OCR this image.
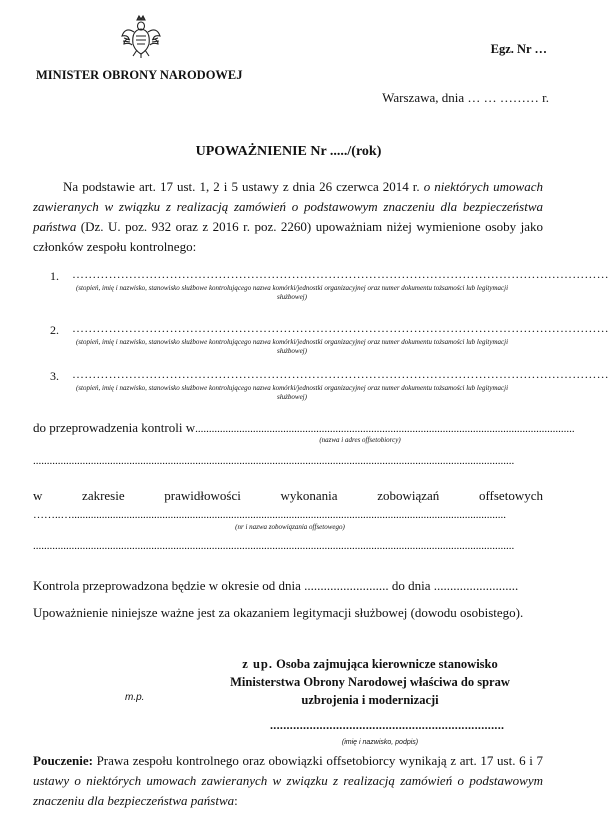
Egz. Nr …
MINISTER OBRONY NARODOWEJ
Warszawa, dnia … … ……… r.
UPOWAŻNIENIE Nr ...../(rok)
Na podstawie art. 17 ust. 1, 2 i 5 ustawy z dnia 26 czerwca 2014 r. o niektórych umowach zawieranych w związku z realizacją zamówień o podstawowym znaczeniu dla bezpieczeństwa państwa (Dz. U. poz. 932 oraz z 2016 r. poz. 2260) upoważniam niżej wymienione osoby jako członków zespołu kontrolnego:
1. ……………………………………………………………………………………………………………………
(stopień, imię i nazwisko, stanowisko służbowe kontrolującego nazwa komórki/jednostki organizacyjnej oraz numer dokumentu tożsamości lub legitymacji służbowej)
2. ……………………………………………………………………………………………………………………
(stopień, imię i nazwisko, stanowisko służbowe kontrolującego nazwa komórki/jednostki organizacyjnej oraz numer dokumentu tożsamości lub legitymacji służbowej)
3. ……………………………………………………………………………………………………………………
(stopień, imię i nazwisko, stanowisko służbowe kontrolującego nazwa komórki/jednostki organizacyjnej oraz numer dokumentu tożsamości lub legitymacji służbowej)
do przeprowadzenia kontroli w..........................................................................................................................................
(nazwa i adres offsetobiorcy)
...............................................................................................................................................................................
w	zakresie	prawidłowości	wykonania	zobowiązań	offsetowych
……..…..............................................................................................................................................................
(nr i nazwa zobowiązania offsetowego)
...............................................................................................................................................................................
Kontrola przeprowadzona będzie w okresie od dnia .......................... do dnia ..........................
Upoważnienie niniejsze ważne jest za okazaniem legitymacji służbowej (dowodu osobistego).
z up. Osoba zajmująca kierownicze stanowisko
Ministerstwa Obrony Narodowej właściwa do spraw
uzbrojenia i modernizacji
m.p.
.......................................................................
(imię i nazwisko, podpis)
Pouczenie: Prawa zespołu kontrolnego oraz obowiązki offsetobiorcy wynikają z art. 17 ust. 6 i 7 ustawy o niektórych umowach zawieranych w związku z realizacją zamówień o podstawowym znaczeniu dla bezpieczeństwa państwa:
